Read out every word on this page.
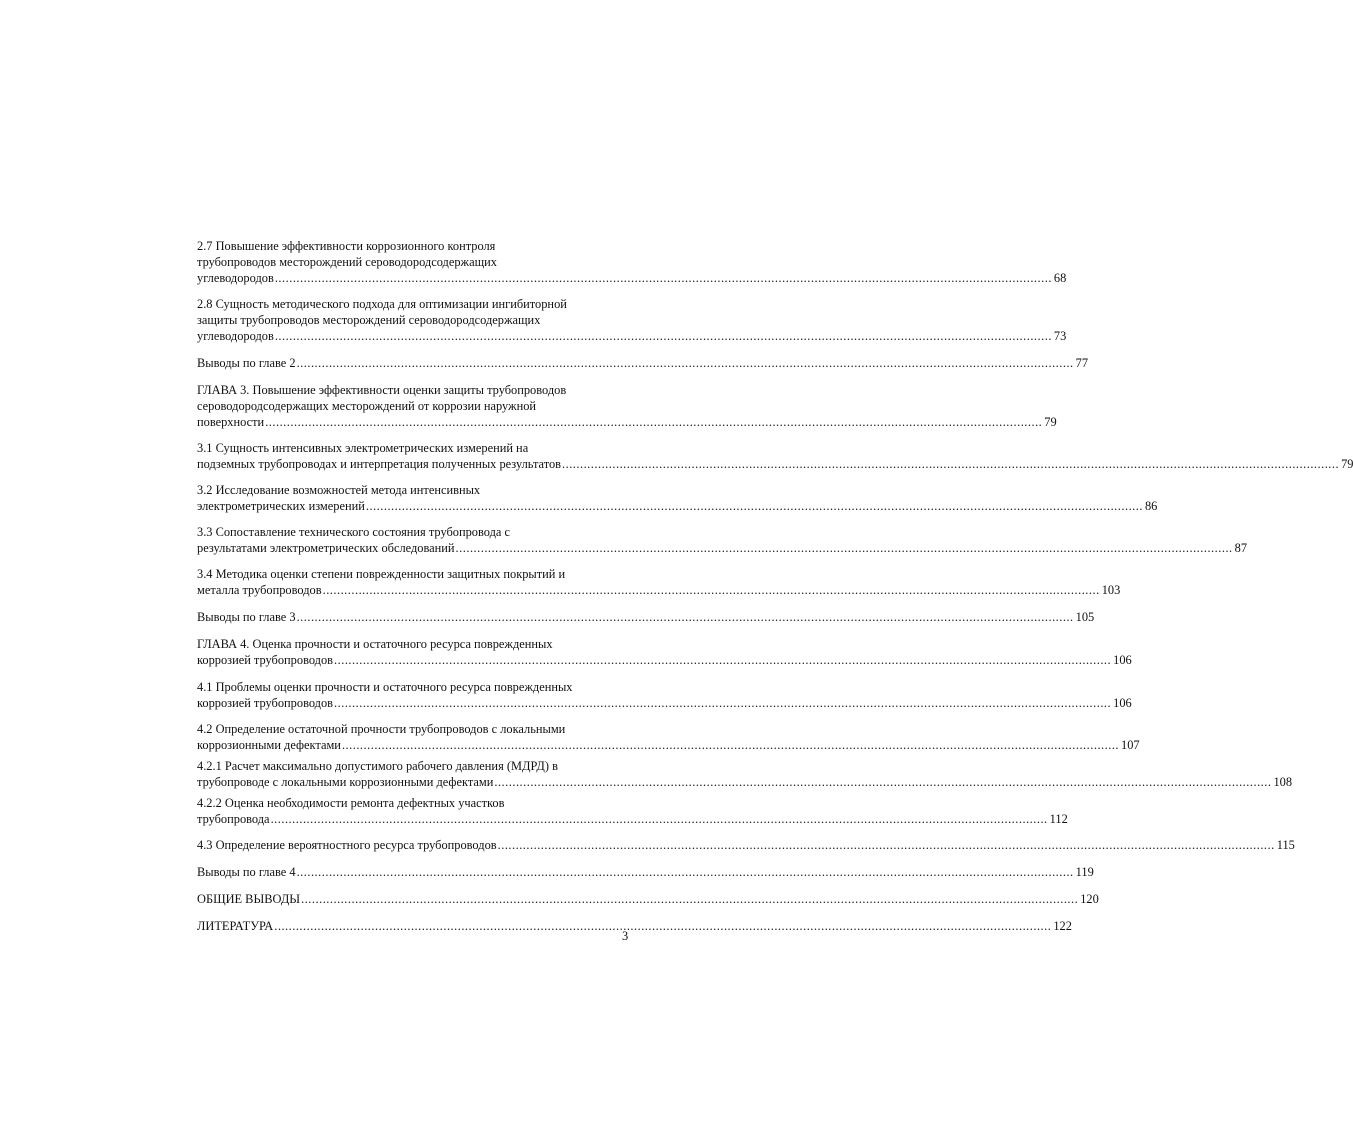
2.7 Повышение эффективности коррозионного контроля
трубопроводов месторождений сероводородсодержащих
углеводородов .....	68
2.8 Сущность методического подхода для оптимизации ингибиторной
защиты трубопроводов месторождений сероводородсодержащих
углеводородов .....	73
Выводы по главе 2 .....	77
ГЛАВА 3. Повышение эффективности оценки защиты трубопроводов
сероводородсодержащих месторождений от коррозии наружной
поверхности .....	79
3.1 Сущность интенсивных электрометрических измерений на
подземных трубопроводах и интерпретация полученных результатов .....	79
3.2 Исследование возможностей метода интенсивных
электрометрических измерений .....	86
3.3 Сопоставление технического состояния трубопровода с
результатами электрометрических обследований .....	87
3.4 Методика оценки степени поврежденности защитных покрытий и
металла трубопроводов .....	103
Выводы по главе 3 .....	105
ГЛАВА 4. Оценка прочности и остаточного ресурса поврежденных
коррозией трубопроводов .....	106
4.1 Проблемы оценки прочности и остаточного ресурса поврежденных
коррозией трубопроводов .....	106
4.2 Определение остаточной прочности трубопроводов с локальными
коррозионными дефектами .....	107
4.2.1 Расчет максимально допустимого рабочего давления (МДРД) в
трубопроводе с локальными коррозионными дефектами .....	108
4.2.2 Оценка необходимости ремонта дефектных участков
трубопровода .....	112
4.3 Определение вероятностного ресурса трубопроводов .....	115
Выводы по главе 4 .....	119
ОБЩИЕ ВЫВОДЫ .....	120
ЛИТЕРАТУРА .....	122
3
